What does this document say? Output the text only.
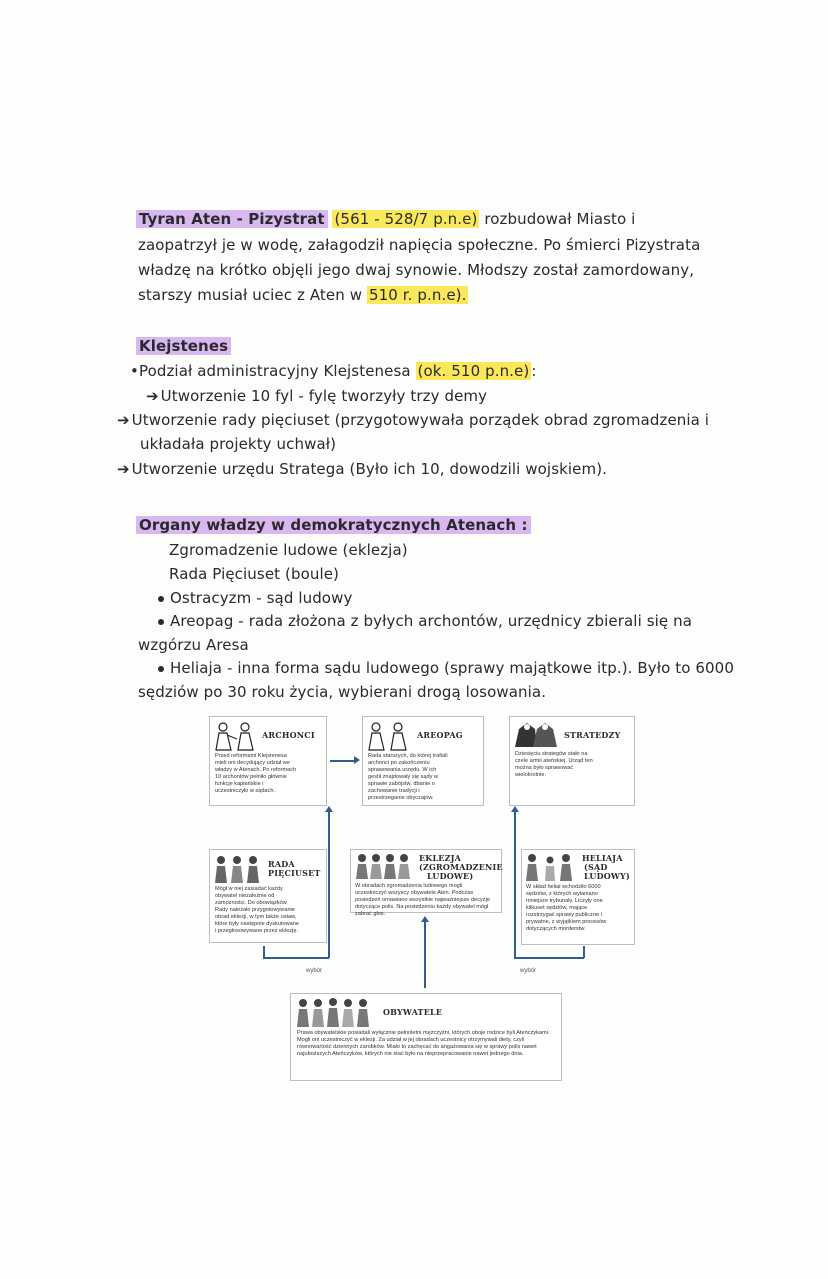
Tyran Aten - Pizystrat (561 - 528/7 p.n.e) rozbudował Miasto i
zaopatrzył je w wodę, załagodził napięcia społeczne. Po śmierci Pizystrata
władzę na krótko objęli jego dwaj synowie. Młodszy został zamordowany,
starszy musiał uciec z Aten w 510 r. p.n.e).
Klejstenes
•Podział administracyjny Klejstenesa (ok. 510 p.n.e) :
➔ Utworzenie 10 fyl - fylę tworzyły trzy demy
➔ Utworzenie rady pięciuset (przygotowywała porządek obrad zgromadzenia i
układała projekty uchwał)
➔ Utworzenie urzędu Stratega (Było ich 10, dowodzili wojskiem).
Organy władzy w demokratycznych Atenach :
Zgromadzenie ludowe (eklezja)
Rada Pięciuset (boule)
Ostracyzm - sąd ludowy
Areopag - rada złożona z byłych archontów, urzędnicy zbierali się na
wzgórzu Aresa
Heliaja - inna forma sądu ludowego (sprawy majątkowe itp.). Było to 6000
sędziów po 30 roku życia, wybierani drogą losowania.
ARCHONCI
Przed reformami Klejstenesa mieli oni decydujący udział we władzy w Atenach. Po reformach 10 archontów pełniło głównie funkcje kapłańskie i uczestniczyło w sądach.
AREOPAG
Rada starszych, do której trafiali archonci po zakończeniu sprawowania urzędu. W ich gestii znajdowały się sądy w sprawie zabójstw, dbanie o zachowanie tradycji i przestrzeganie obyczajów.
STRATEDZY
Dziesięciu strategów stało na czele armii ateńskiej. Urząd ten można było sprawować wielokrotnie.
RADA
PIĘCIUSET
Mógł w niej zasiadać każdy obywatel niezależnie od zamożności. Do obowiązków Rady należało przygotowywanie obrad eklezji, w tym także ustaw, które były następnie dyskutowane i przegłosowywane przez eklezję.
EKLEZJA
(ZGROMADZENIE
LUDOWE)
W obradach zgromadzenia ludowego mogli uczestniczyć wszyscy obywatele Aten. Podczas posiedzeń omawiano wszystkie najważniejsze decyzje dotyczące polis. Na posiedzeniu każdy obywatel mógł zabrać głos.
HELIAJA
(SĄD
LUDOWY)
W skład heliai wchodziło 6000 sędziów, z których wylaniano mniejsze trybunały. Liczyły one kilkuset sędziów, mające rozstrzygać sprawy publiczne i prywatne, z wyjątkiem procesów dotyczących morderstw.
OBYWATELE
Prawa obywatelskie posiadali wyłącznie pełnoletni mężczyźni, których oboje rodzice byli Ateńczykami. Mogli oni uczestniczyć w eklezji. Za udział w jej obradach uczestnicy otrzymywali diety, czyli równowartość dziennych zarobków. Miało to zachęcać do angażowania się w sprawy polis nawet najuboższych Ateńczyków, których nie stać było na nieprzepracowanie nawet jednego dnia.
wybór	wybór
